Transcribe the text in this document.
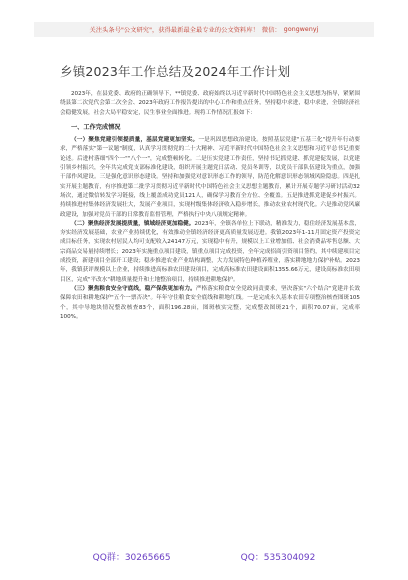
关注头条号"公文研究"，获得最新最全最专业的公文资料库！ 微信： gongwenyj
乡镇2023年工作总结及2024年工作计划

2023年，在县党委、政府的正确领导下，**镇党委、政府始终以习近平新时代中国特色社会主义思想为指导，紧紧围绕县第二次党代会第二次全会、2023年政府工作报告提出的中心工作和重点任务，坚持稳中求进，稳中求进，全镇经济社会稳健发展，社会大局平稳安定，民生事业全面推进。现将工作情况汇报如下：

一、工作完成情况

（一）聚焦党建引领提质量，基层党建更加坚实。一是巩固思想政治建设。按照基层党建"五基三化"提升年行动要求，严格落实"第一议题"制度，认真学习贯彻党的二十大精神、习近平新时代中国特色社会主义思想和习近平总书记重要论述。后进村落细"四个一""八个一"，完成整顿转化。二是压实党建工作责任，坚持书记抓党建、抓党建促发展，以党建引领乡村振兴，全年共完成党支部标准化建设，组织开展主题党日活动、党员冬训等，以党员干部队伍建设为重点，加强干部作风建设。三是强化意识形态建设。坚持和加强党对意识形态工作的领导，防范化解意识形态领域风险隐患。四是扎实开展主题教育，有序推进第二批学习贯彻习近平新时代中国特色社会主义思想主题教育，累计开展专题学习研讨活动32场次，通过微信转发学习链接，线上覆盖成功党员121人，确保学习教育全方位、全覆盖。五是推进抓党建促乡村振兴。持续推进村集体经济发展壮大，发展产业项目，实现村级集体经济收入稳步增长，推动农业农村现代化。六是推动党风廉政建设，加强对党员干部的日常教育监督管理，严格执行中央八项规定精神。

（二）聚焦经济发展提质量，镇域经济更加稳健。2023年，全镇各单位上下联动，精准发力，稳住经济发展基本盘，夯实经济发展基础，农业产业持续优化，有效推动全镇经济经济更高质量发展迈进。我镇2023年1-11月固定资产投资完成目标任务，实现农村居民人均可支配收入24147万元，实现稳中有升，规模以上工业增加值、社会消费品零售总额、大宗商品交易量持续增长；2023年实施重点项目建设，镇重点项目完成投资，全年完成招商引资项目签约，其中续建项目完成投资，新建项目全部开工建设；稳步推进农业产业结构调整，大力发展特色种植养殖业，落实耕地地力保护补贴。2023年，我镇获评规模以上企业，持续推进高标准农田建设项目，完成高标准农田建设面积1355.66万元，建设高标准农田项目区，完成"平改水"耕地质量提升和土地整治项目，持续推进耕地保护。

（三）聚焦粮食安全守底线，稳产保供更加有力。严格落实粮食安全党政同责要求，坚决落实"六个结合"党建并长效保障农田和耕地保护"五个一票否决"。年年守住粮食安全底线和耕地红线。一是完成永久基本农田专项整治核查图斑105个，其中导地块情况整改核查83个，面积196.28亩，图斑核实完整，完成整改图斑21个，面积70.07亩，完成率100%。

QQ群：30265665	QQ：535304092
